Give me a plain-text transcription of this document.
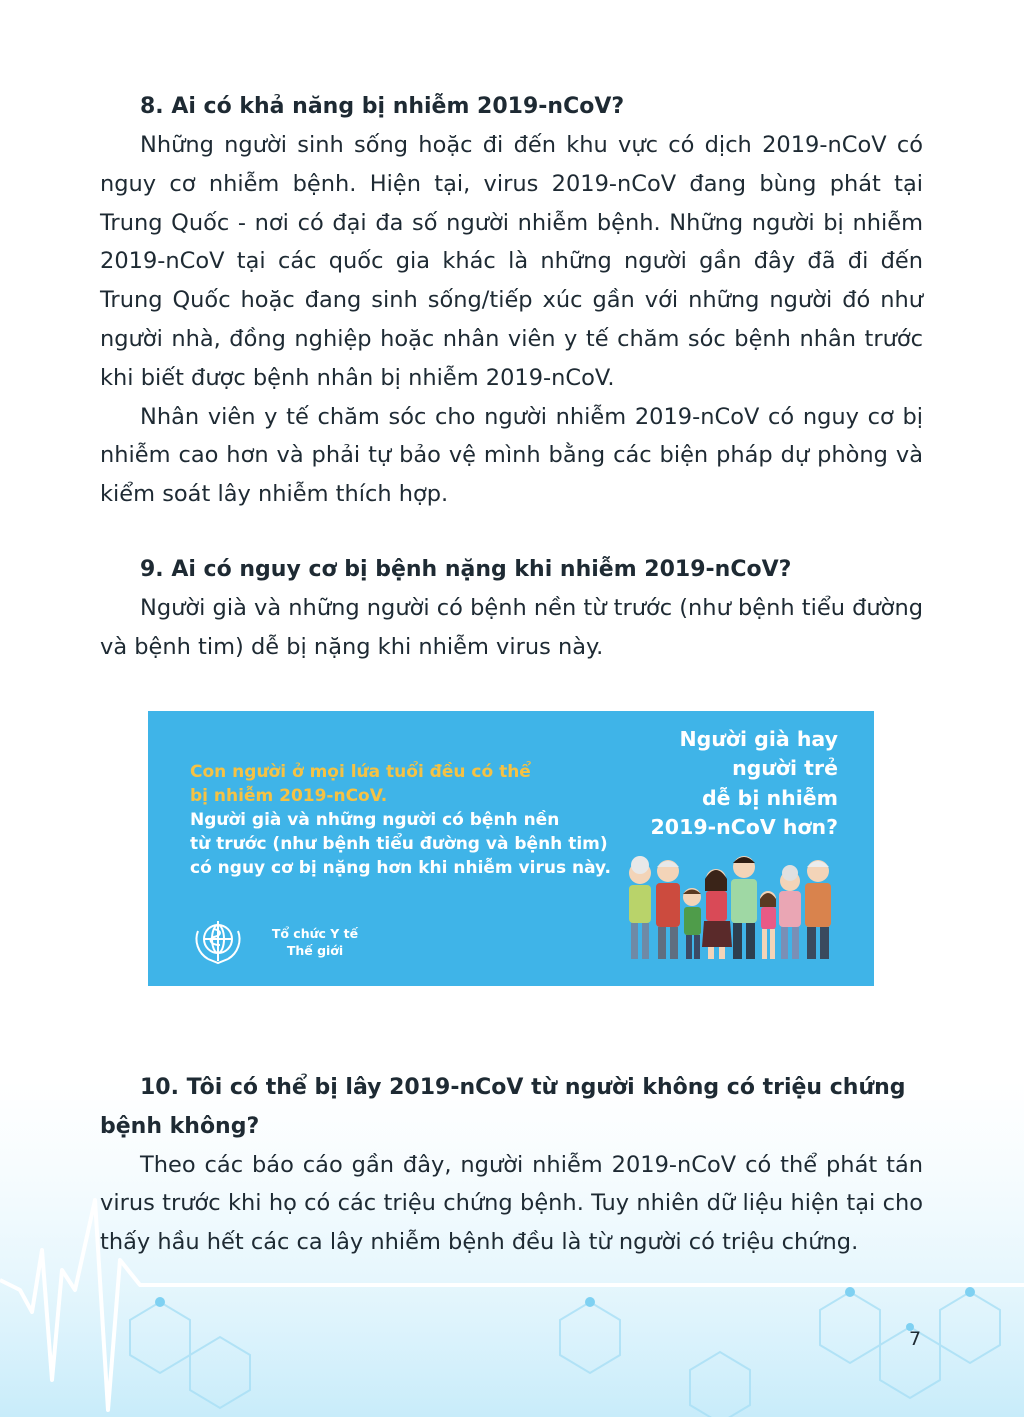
8. Ai có khả năng bị nhiễm 2019-nCoV?

Những người sinh sống hoặc đi đến khu vực có dịch 2019-nCoV có nguy cơ nhiễm bệnh. Hiện tại, virus 2019-nCoV đang bùng phát tại Trung Quốc - nơi có đại đa số người nhiễm bệnh. Những người bị nhiễm 2019-nCoV tại các quốc gia khác là những người gần đây đã đi đến Trung Quốc hoặc đang sinh sống/tiếp xúc gần với những người đó như người nhà, đồng nghiệp hoặc nhân viên y tế chăm sóc bệnh nhân trước khi biết được bệnh nhân bị nhiễm 2019-nCoV.

Nhân viên y tế chăm sóc cho người nhiễm 2019-nCoV có nguy cơ bị nhiễm cao hơn và phải tự bảo vệ mình bằng các biện pháp dự phòng và kiểm soát lây nhiễm thích hợp.

9. Ai có nguy cơ bị bệnh nặng khi nhiễm 2019-nCoV?

Người già và những người có bệnh nền từ trước (như bệnh tiểu đường và bệnh tim) dễ bị nặng khi nhiễm virus này.

Con người ở mọi lứa tuổi đều có thể
bị nhiễm 2019-nCoV.
Người già và những người có bệnh nền
từ trước (như bệnh tiểu đường và bệnh tim)
có nguy cơ bị nặng hơn khi nhiễm virus này.
Người già hay
người trẻ
dễ bị nhiễm
2019-nCoV hơn?
Tổ chức Y tế
Thế giới
10. Tôi có thể bị lây 2019-nCoV từ người không có triệu chứng bệnh không?

Theo các báo cáo gần đây, người nhiễm 2019-nCoV có thể phát tán virus trước khi họ có các triệu chứng bệnh. Tuy nhiên dữ liệu hiện tại cho thấy hầu hết các ca lây nhiễm bệnh đều là từ người có triệu chứng.

7
